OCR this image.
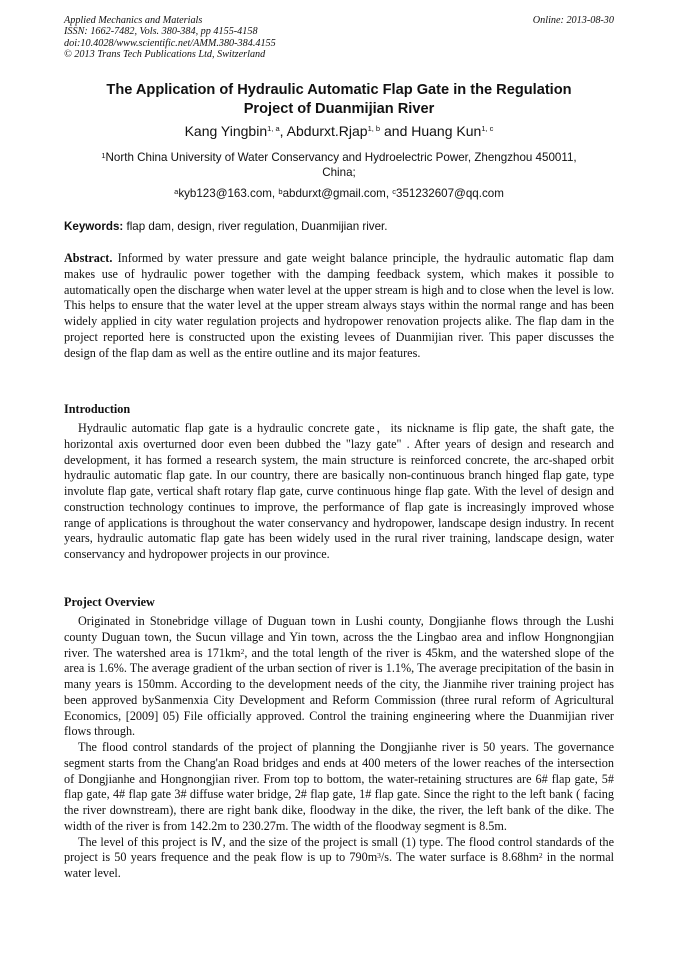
Applied Mechanics and Materials
ISSN: 1662-7482, Vols. 380-384, pp 4155-4158
doi:10.4028/www.scientific.net/AMM.380-384.4155
© 2013 Trans Tech Publications Ltd, Switzerland
Online: 2013-08-30
The Application of Hydraulic Automatic Flap Gate in the Regulation
Project of Duanmijian River
Kang Yingbin$^{1, a}$, Abdurxt.Rjap$^{1, b}$ and Huang Kun$^{1, c}$
$^1$North China University of Water Conservancy and Hydroelectric Power, Zhengzhou 450011,
China;
$^a$kyb123@163.com, $^b$abdurxt@gmail.com, $^c$351232607@qq.com
Keywords: flap dam, design, river regulation, Duanmijian river.

Abstract. Informed by water pressure and gate weight balance principle, the hydraulic automatic flap dam makes use of hydraulic power together with the damping feedback system, which makes it possible to automatically open the discharge when water level at the upper stream is high and to close when the level is low. This helps to ensure that the water level at the upper stream always stays within the normal range and has been widely applied in city water regulation projects and hydropower renovation projects alike. The flap dam in the project reported here is constructed upon the existing levees of Duanmijian river. This paper discusses the design of the flap dam as well as the entire outline and its major features.

Introduction

Hydraulic automatic flap gate is a hydraulic concrete gate，its nickname is flip gate, the shaft gate, the horizontal axis overturned door even been dubbed the "lazy gate" . After years of design and research and development, it has formed a research system, the main structure is reinforced concrete, the arc-shaped orbit hydraulic automatic flap gate. In our country, there are basically non-continuous branch hinged flap gate, type involute flap gate, vertical shaft rotary flap gate, curve continuous hinge flap gate. With the level of design and construction technology continues to improve, the performance of flap gate is increasingly improved whose range of applications is throughout the water conservancy and hydropower, landscape design industry. In recent years, hydraulic automatic flap gate has been widely used in the rural river training, landscape design, water conservancy and hydropower projects in our province.

Project Overview

Originated in Stonebridge village of Duguan town in Lushi county, Dongjianhe flows through the Lushi county Duguan town, the Sucun village and Yin town, across the the Lingbao area and inflow Hongnongjian river. The watershed area is $171km^2$, and the total length of the river is 45km, and the watershed slope of the area is 1.6%. The average gradient of the urban section of river is 1.1%, The average precipitation of the basin in many years is 150mm. According to the development needs of the city, the Jianmihe river training project has been approved bySanmenxia City Development and Reform Commission (three rural reform of Agricultural Economics, [2009] 05) File officially approved. Control the training engineering where the Duanmijian river flows through.

The flood control standards of the project of planning the Dongjianhe river is 50 years. The governance segment starts from the Chang'an Road bridges and ends at 400 meters of the lower reaches of the intersection of Dongjianhe and Hongnongjian river. From top to bottom, the water-retaining structures are 6# flap gate, 5# flap gate, 4# flap gate 3# diffuse water bridge, 2# flap gate, 1# flap gate. Since the right to the left bank ( facing the river downstream), there are right bank dike, floodway in the dike, the river, the left bank of the dike. The width of the river is from 142.2m to 230.27m. The width of the floodway segment is 8.5m.

The level of this project is Ⅳ, and the size of the project is small (1) type. The flood control standards of the project is 50 years frequence and the peak flow is up to $790m^3/s$. The water surface is $8.68hm^2$ in the normal water level.
